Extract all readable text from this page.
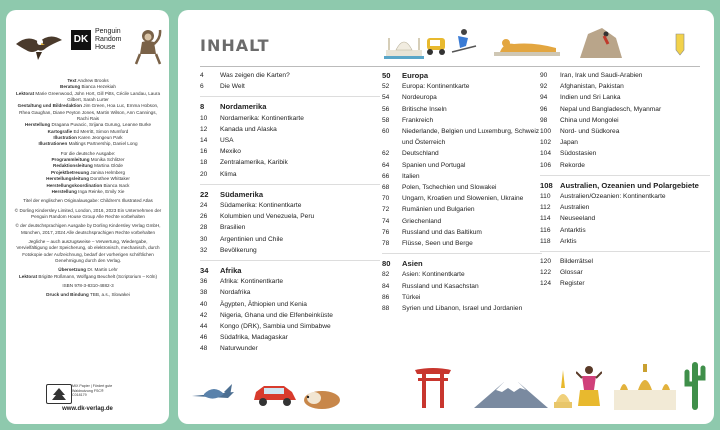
DK
Penguin Random House
Text Andrew Brooks
Beratung Bianca Hezekiah
Lektorat Marie Greenwood, John Hort, Gill Pitts, Cécile Landau, Laura Gilbert, Sarah Lurter
Gestaltung und Bildredaktion Jim Green, Hoa Luc, Emma Hobson, Rhea Gaughan, Diane Peyton Jones, Martin Wilson, Ann Cannings, Rachi Rais
Herstellung Dragana Puvacic, Srijana Gurung, Leanne Burke
Kartografie Ed Merritt, Simon Mumford
Illustration Karen Jeongeun Park
Illustrationen Maltings Partnership, Daniel Long
Für die deutsche Ausgabe:
Programmleitung Monika Schlitzer
Redaktionsleitung Martina Glöde
Projektbetreuung Janina Helmberg
Herstellungsleitung Dorothee Whittaker
Herstellungskoordination Bianca Isack
Herstellung Inga Reinke, Emily Xie
Titel der englischen Originalausgabe: Children's Illustrated Atlas
© Dorling Kindersley Limited, London, 2016, 2023 Ein Unternehmen der Penguin Random House Group Alle Rechte vorbehalten
© der deutschsprachigen Ausgabe by Dorling Kindersley Verlag GmbH, München, 2017, 2024 Alle deutschsprachigen Rechte vorbehalten
Jegliche – auch auszugsweise – Verwertung, Wiedergabe, Vervielfältigung oder Speicherung, ob elektronisch, mechanisch, durch Fotokopie oder Aufzeichnung, bedarf der vorherigen schriftlichen Genehmigung durch den Verlag.
Übersetzung Dr. Martin Lehr
Lektorat Brigitte Rüßmann, Wolfgang Beuchelt (Scriptorium – Köln)
ISBN 978-3-8310-4882-3
Druck und Bindung TBB, a.s., Slowakei
MIX Papier | Fördert gute Waldnutzung FSC® C018179
www.dk-verlag.de
INHALT
4	Was zeigen die Karten?
6	Die Welt
8	Nordamerika
10	Nordamerika: Kontinentkarte
12	Kanada und Alaska
14	USA
16	Mexiko
18	Zentralamerika, Karibik
20	Klima
22	Südamerika
24	Südamerika: Kontinentkarte
26	Kolumbien und Venezuela, Peru
28	Brasilien
30	Argentinien und Chile
32	Bevölkerung
34	Afrika
36	Afrika: Kontinentkarte
38	Nordafrika
40	Ägypten, Äthiopien und Kenia
42	Nigeria, Ghana und die Elfenbeinküste
44	Kongo (DRK), Sambia und Simbabwe
46	Südafrika, Madagaskar
48	Naturwunder
50	Europa
52	Europa: Kontinentkarte
54	Nordeuropa
56	Britische Inseln
58	Frankreich
60	Niederlande, Belgien und Luxemburg, Schweiz und Österreich
62	Deutschland
64	Spanien und Portugal
66	Italien
68	Polen, Tschechien und Slowakei
70	Ungarn, Kroatien und Slowenien, Ukraine
72	Rumänien und Bulgarien
74	Griechenland
76	Russland und das Baltikum
78	Flüsse, Seen und Berge
80	Asien
82	Asien: Kontinentkarte
84	Russland und Kasachstan
86	Türkei
88	Syrien und Libanon, Israel und Jordanien
90	Iran, Irak und Saudi-Arabien
92	Afghanistan, Pakistan
94	Indien und Sri Lanka
96	Nepal und Bangladesch, Myanmar
98	China und Mongolei
100	Nord- und Südkorea
102	Japan
104	Südostasien
106	Rekorde
108 Australien, Ozeanien und Polargebiete
110	Australien/Ozeanien: Kontinentkarte
112	Australien
114	Neuseeland
116	Antarktis
118	Arktis
120	Bilderrätsel
122	Glossar
124	Register
